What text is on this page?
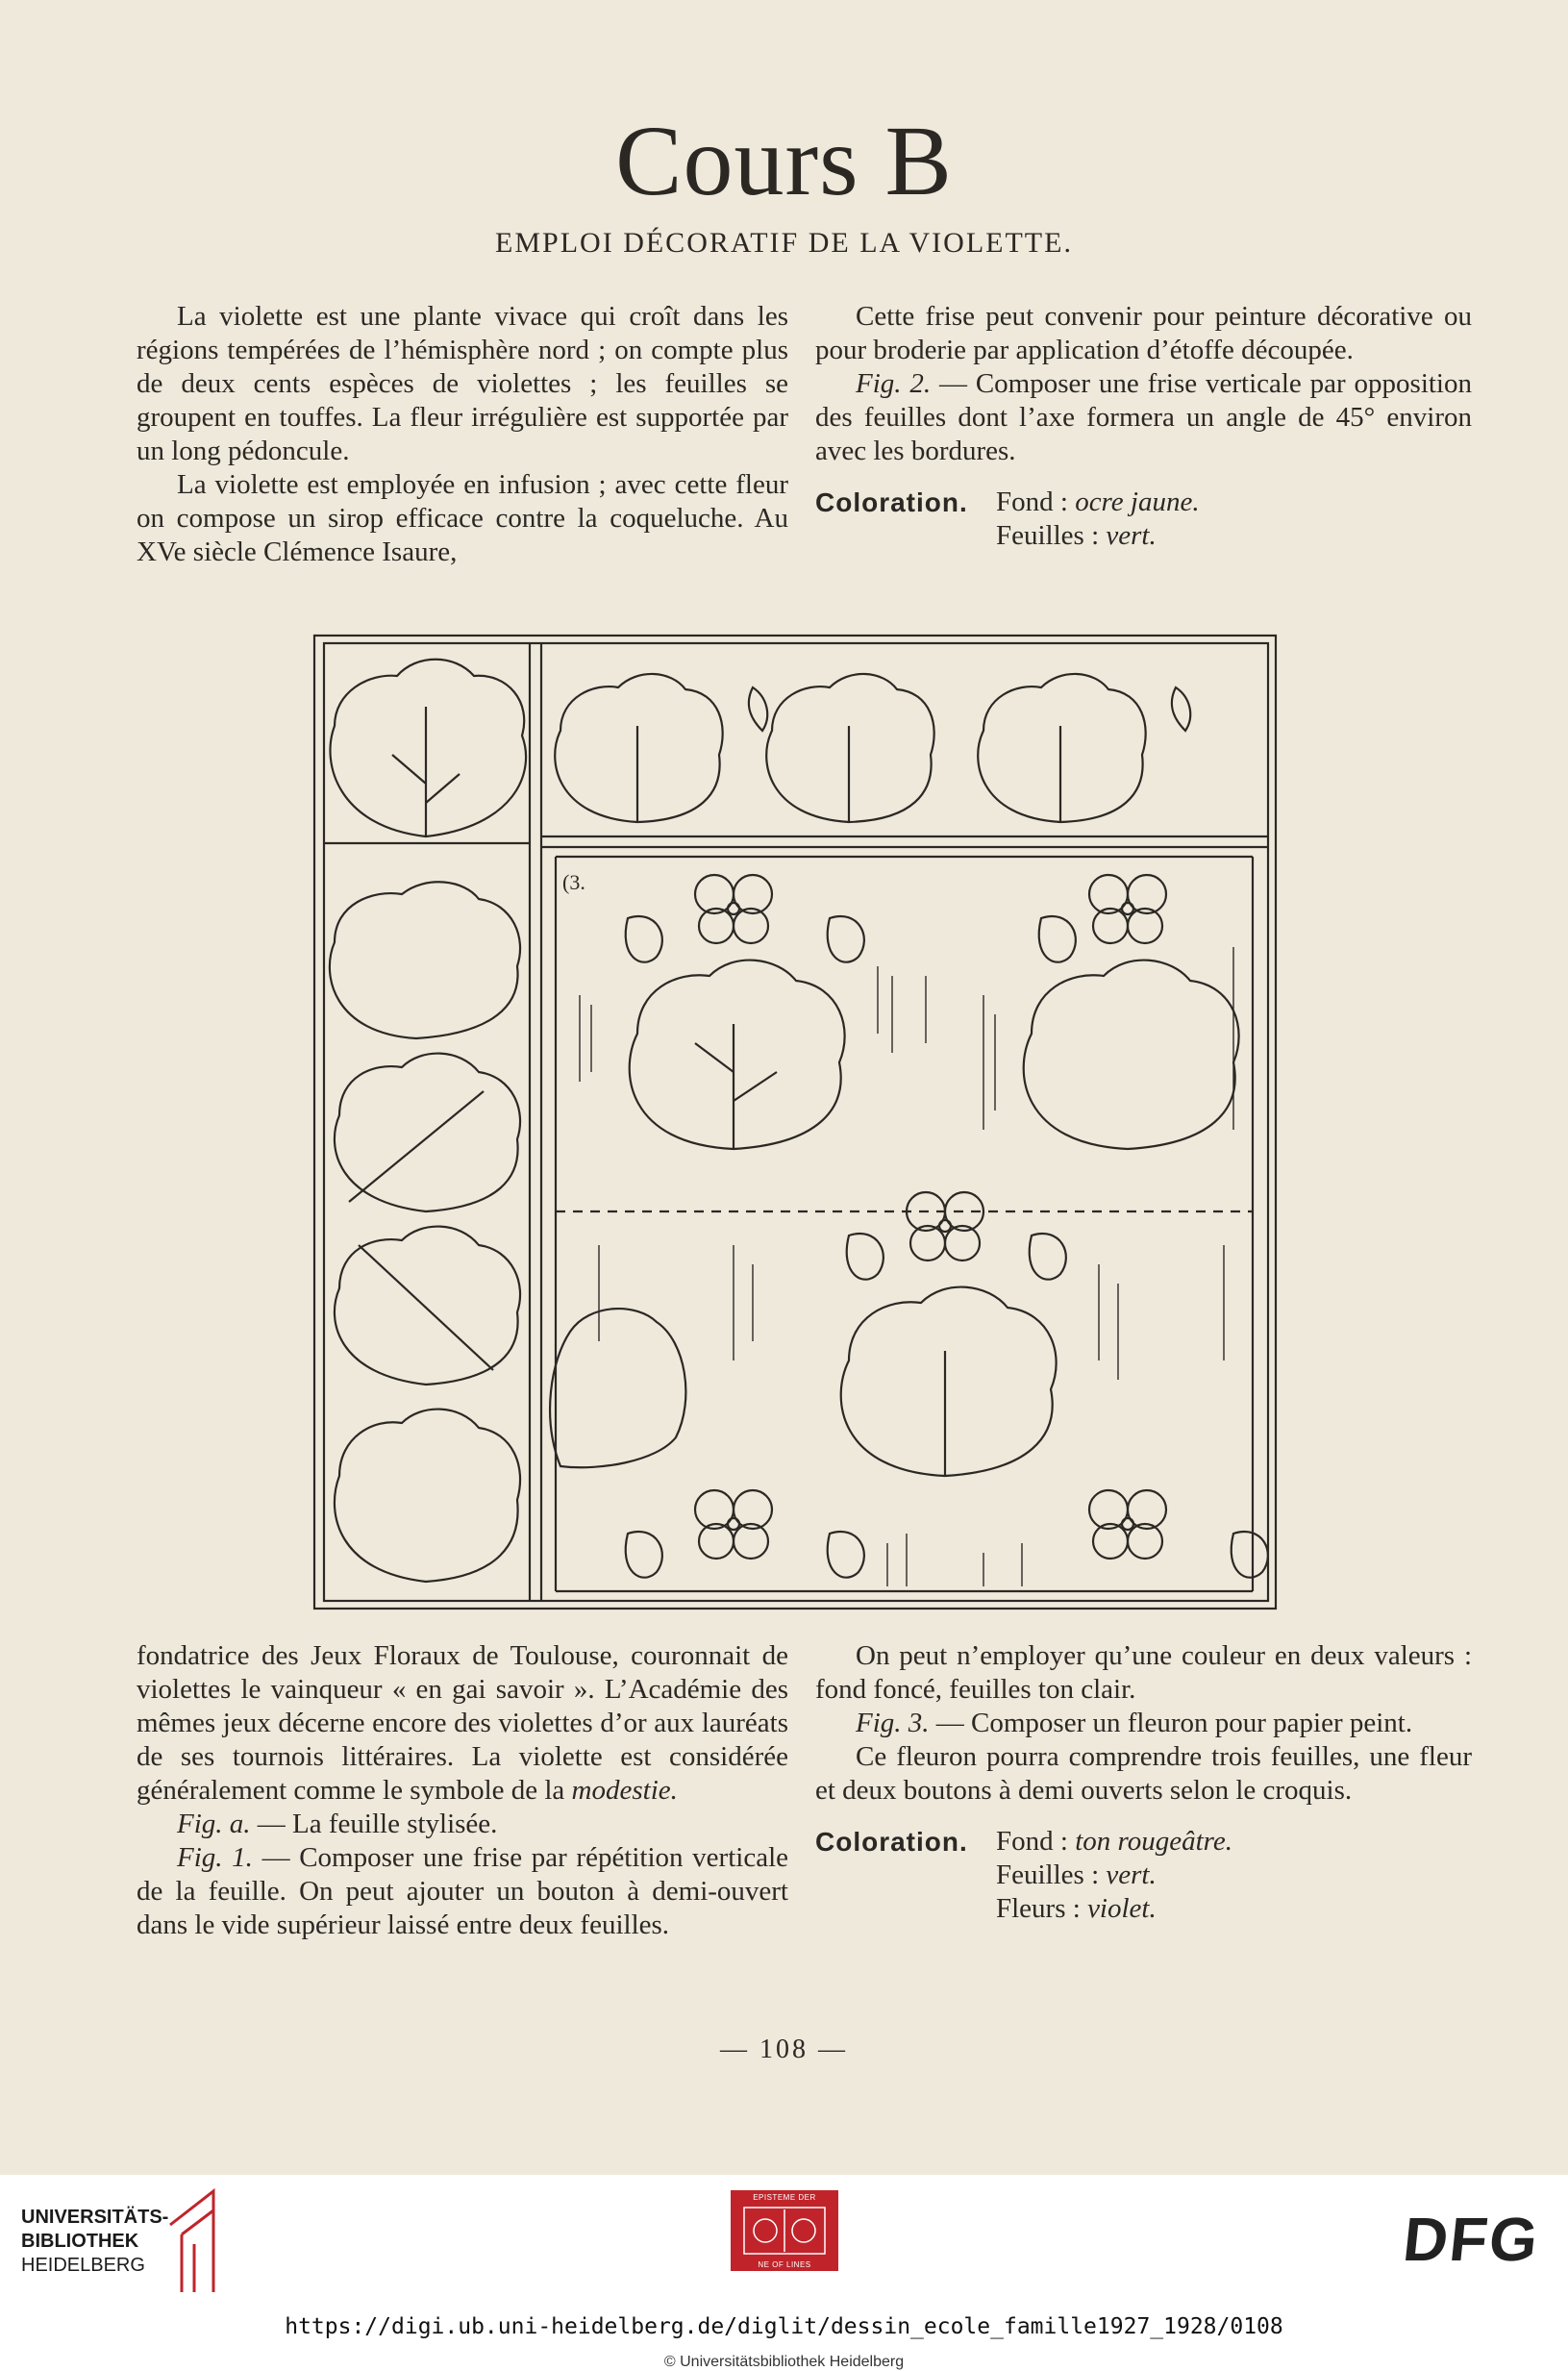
Cours B
EMPLOI DÉCORATIF DE LA VIOLETTE.

La violette est une plante vivace qui croît dans les régions tempérées de l’hémisphère nord ; on compte plus de deux cents espèces de violettes ; les feuilles se groupent en touffes. La fleur irrégulière est supportée par un long pédoncule.

La violette est employée en infusion ; avec cette fleur on compose un sirop efficace contre la coqueluche. Au XVe siècle Clémence Isaure,

Cette frise peut convenir pour peinture décorative ou pour broderie par application d’étoffe découpée.

Fig. 2. — Composer une frise verticale par opposition des feuilles dont l’axe formera un angle de 45° environ avec les bordures.

Coloration.	Fond : ocre jaune.
Feuilles : vert.
(3.

fondatrice des Jeux Floraux de Toulouse, couronnait de violettes le vainqueur « en gai savoir ». L’Académie des mêmes jeux décerne encore des violettes d’or aux lauréats de ses tournois littéraires. La violette est considérée généralement comme le symbole de la modestie.

Fig. a. — La feuille stylisée.

Fig. 1. — Composer une frise par répétition verticale de la feuille. On peut ajouter un bouton à demi-ouvert dans le vide supérieur laissé entre deux feuilles.

On peut n’employer qu’une couleur en deux valeurs : fond foncé, feuilles ton clair.

Fig. 3. — Composer un fleuron pour papier peint.

Ce fleuron pourra comprendre trois feuilles, une fleur et deux boutons à demi ouverts selon le croquis.

Coloration.	Fond : ton rougeâtre.
Feuilles : vert.
Fleurs : violet.
— 108 —
UNIVERSITÄTS-
BIBLIOTHEK
HEIDELBERG
EPISTEME DER
NE OF LINES	DFG
https://digi.ub.uni-heidelberg.de/diglit/dessin_ecole_famille1927_1928/0108
© Universitätsbibliothek Heidelberg
